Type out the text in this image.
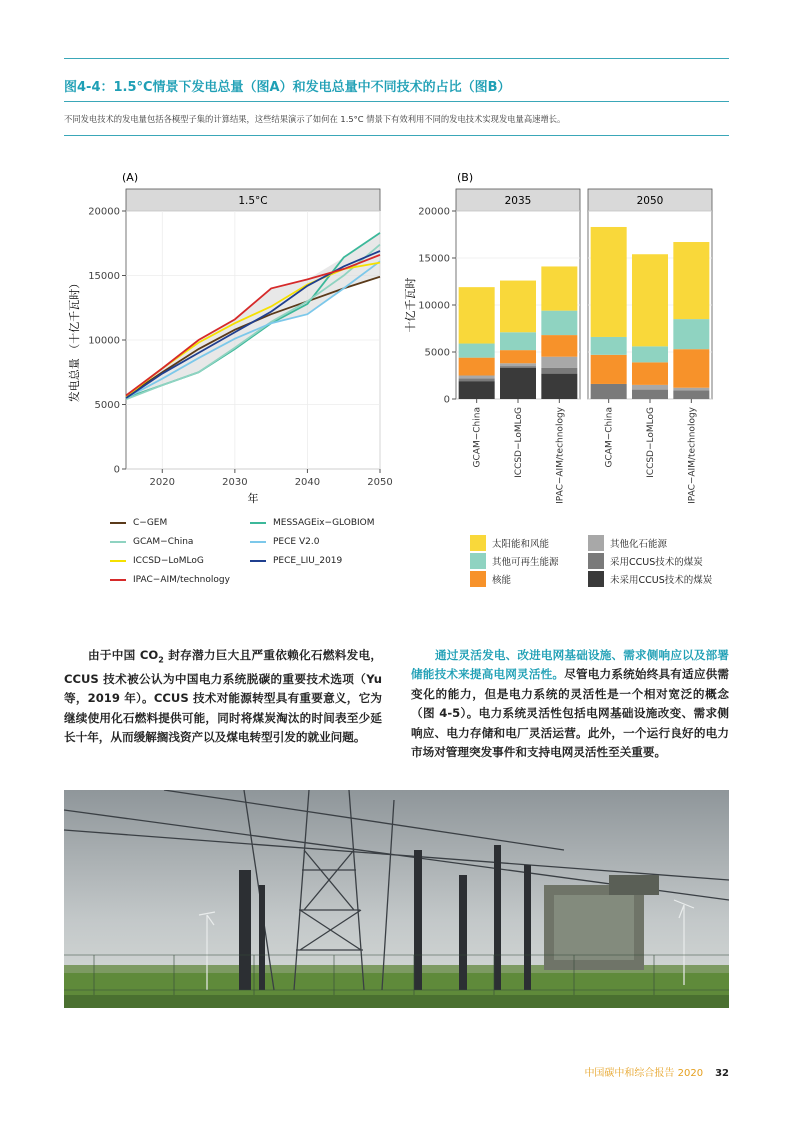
图4-4：1.5°C情景下发电总量（图A）和发电总量中不同技术的占比（图B）
不同发电技术的发电量包括各模型子集的计算结果，这些结果演示了如何在 1.5°C 情景下有效利用不同的发电技术实现发电量高速增长。
(A)
1.5°C
0
5000
10000
15000
20000
2020	2030	2040	2050
年
发电总量 （十亿千瓦时）
(B)
0
5000
10000
15000
20000
十亿千瓦时
2035
GCAM−China	ICCSD−LoMLoG	IPAC−AIM/technology
2050
GCAM−China	ICCSD−LoMLoG	IPAC−AIM/technology
C−GEM	MESSAGEix−GLOBIOM
GCAM−China	PECE V2.0
ICCSD−LoMLoG	PECE_LIU_2019
IPAC−AIM/technology
太阳能和风能	其他化石能源
其他可再生能源	采用CCUS技术的煤炭
核能	未采用CCUS技术的煤炭
由于中国 $CO_2$ 封存潜力巨大且严重依赖化石燃料发电，CCUS 技术被公认为中国电力系统脱碳的重要技术选项（Yu 等，2019 年）。CCUS 技术对能源转型具有重要意义，它为继续使用化石燃料提供可能，同时将煤炭淘汰的时间表至少延长十年，从而缓解搁浅资产以及煤电转型引发的就业问题。
通过灵活发电、改进电网基础设施、需求侧响应以及部署储能技术来提高电网灵活性。尽管电力系统始终具有适应供需变化的能力，但是电力系统的灵活性是一个相对宽泛的概念（图 4-5）。电力系统灵活性包括电网基础设施改变、需求侧响应、电力存储和电厂灵活运营。此外，一个运行良好的电力市场对管理突发事件和支持电网灵活性至关重要。
中国碳中和综合报告 2020 32
